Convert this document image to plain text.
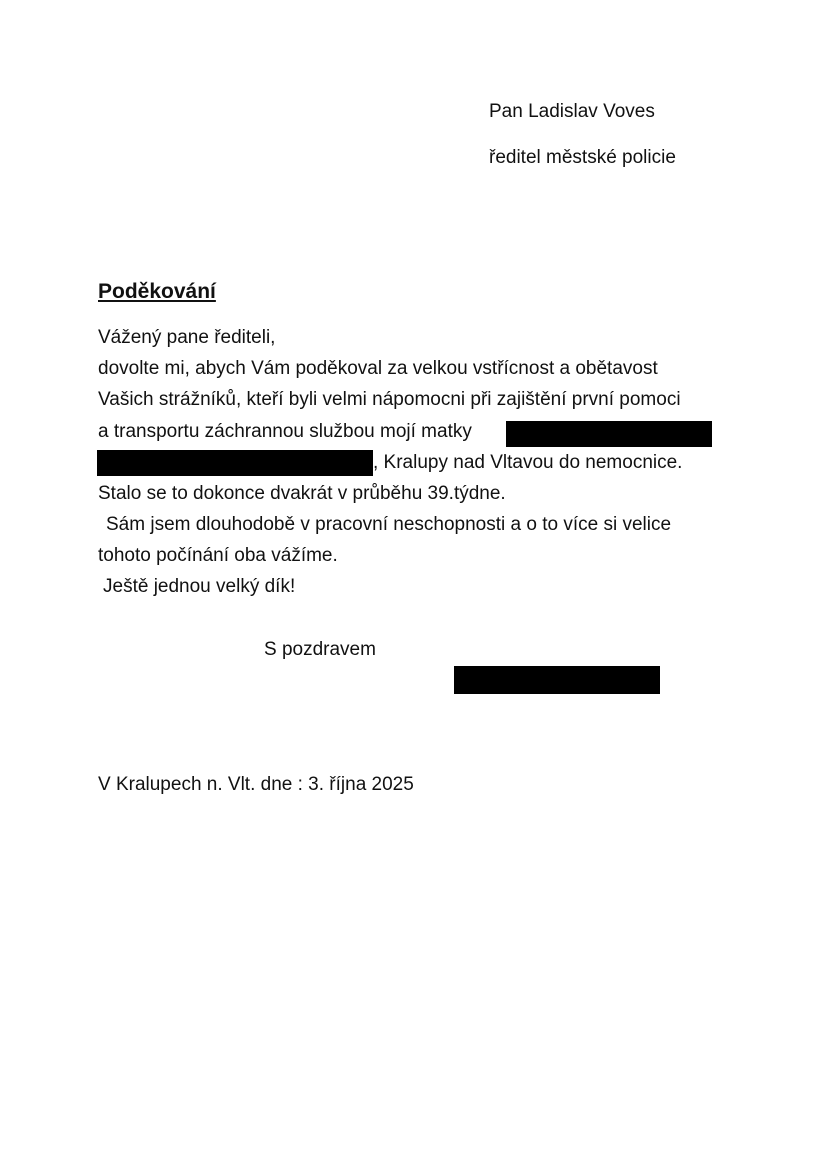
Pan Ladislav Voves

ředitel městské policie

Poděkování

Vážený pane řediteli,

dovolte mi, abych Vám poděkoval za velkou vstřícnost a obětavost

Vašich strážníků, kteří byli velmi nápomocni při zajištění první pomoci

a transportu záchrannou službou mojí matky

, Kralupy nad Vltavou do nemocnice.

Stalo se to dokonce dvakrát v průběhu 39.týdne.

Sám jsem dlouhodobě v pracovní neschopnosti a o to více si velice

tohoto počínání oba vážíme.

Ještě jednou velký dík!

S pozdravem

V Kralupech n. Vlt. dne : 3. října 2025
